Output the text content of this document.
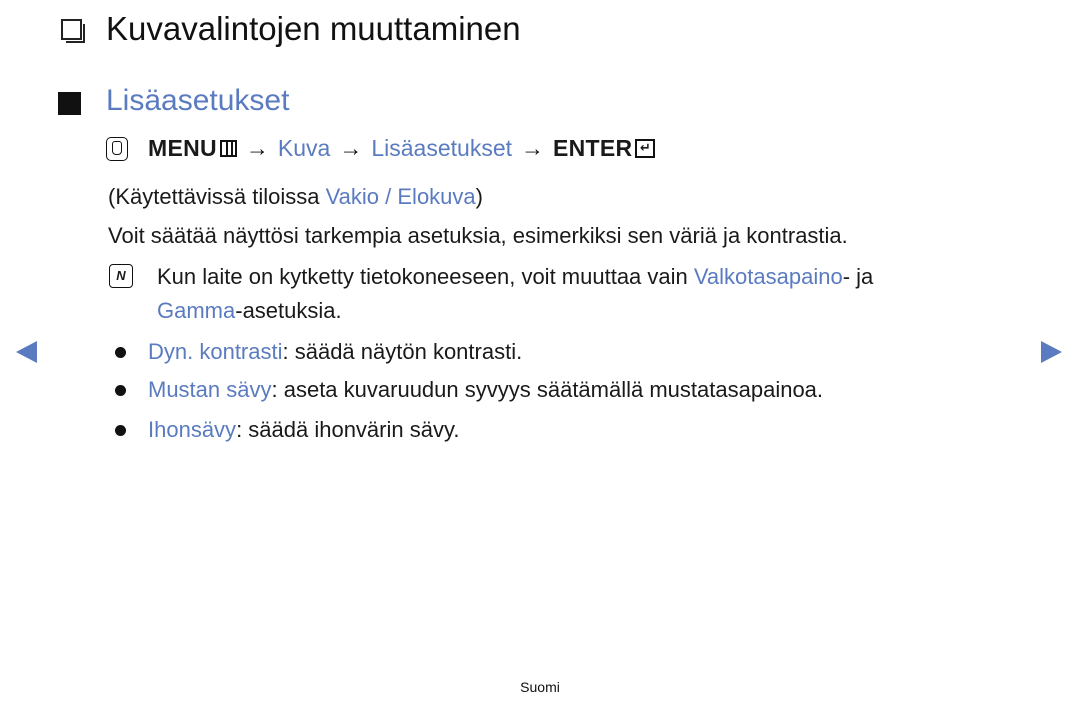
Kuvavalintojen muuttaminen
Lisäasetukset
MENU → Kuva → Lisäasetukset → ENTER ↵
(Käytettävissä tiloissa Vakio / Elokuva)
Voit säätää näyttösi tarkempia asetuksia, esimerkiksi sen väriä ja kontrastia.
N	Kun laite on kytketty tietokoneeseen, voit muuttaa vain Valkotasapaino- ja
Gamma-asetuksia.
Dyn. kontrasti: säädä näytön kontrasti.
Mustan sävy: aseta kuvaruudun syvyys säätämällä mustatasapainoa.
Ihonsävy: säädä ihonvärin sävy.
Suomi
